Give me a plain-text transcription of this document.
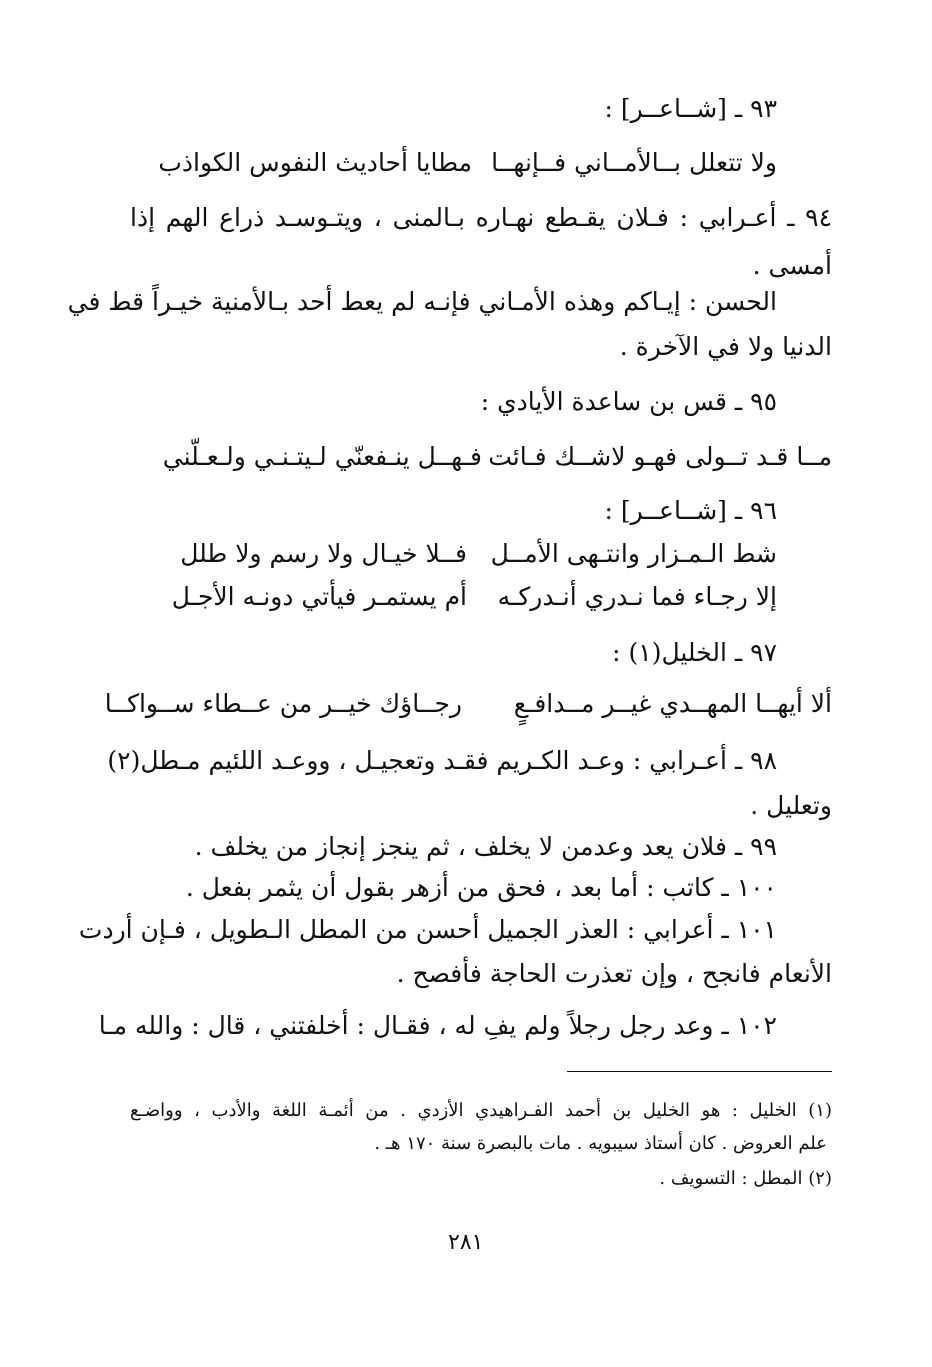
٩٣ ـ [شــاعــر] :
ولا تتعلل بــالأمــاني فــإنهــا
مطايا أحاديث النفوس الكواذب
٩٤ ـ أعـرابي : فـلان يقـطع نهـاره بـالمنى ، ويتـوسـد ذراع الهم إذا
أمسى .
الحسن : إيـاكم وهذه الأمـاني فإنـه لم يعط أحد بـالأمنية خيـراً قط في
الدنيا ولا في الآخرة .
٩٥ ـ قس بن ساعدة الأيادي :
مــا قـد تــولى فهـو لاشــك فـائت
فـهــل ينـفعنّي لـيتـنـي ولـعـلّني
٩٦ ـ [شــاعــر] :
شط الـمـزار وانتـهى الأمــل
فــلا خيـال ولا رسم ولا طلل
إلا رجـاء فما نـدري أنـدركـه
أم يستمـر فيأتي دونـه الأجـل
٩٧ ـ الخليل(١) :
ألا أيهــا المهــدي غيــر مــدافـعٍ
رجــاؤك خيــر من عــطاء ســواكــا
٩٨ ـ أعـرابي : وعـد الكـريم فقـد وتعجيـل ، ووعـد اللئيم مـطل(٢)
وتعليل .
٩٩ ـ فلان يعد وعدمن لا يخلف ، ثم ينجز إنجاز من يخلف .
١٠٠ ـ كاتب : أما بعد ، فحق من أزهر بقول أن يثمر بفعل .
١٠١ ـ أعرابي : العذر الجميل أحسن من المطل الـطويل ، فـإن أردت
الأنعام فانجح ، وإن تعذرت الحاجة فأفصح .
١٠٢ ـ وعد رجل رجلاً ولم يفِ له ، فقـال : أخلفتني ، قال : والله مـا
(١) الخليل : هو الخليل بن أحمد الفـراهيدي الأزدي . من أئمـة اللغة والأدب ، وواضـع
علم العروض . كان أستاذ سيبويه . مات بالبصرة سنة ١٧٠ هـ .
(٢) المطل : التسويف .
٢٨١
